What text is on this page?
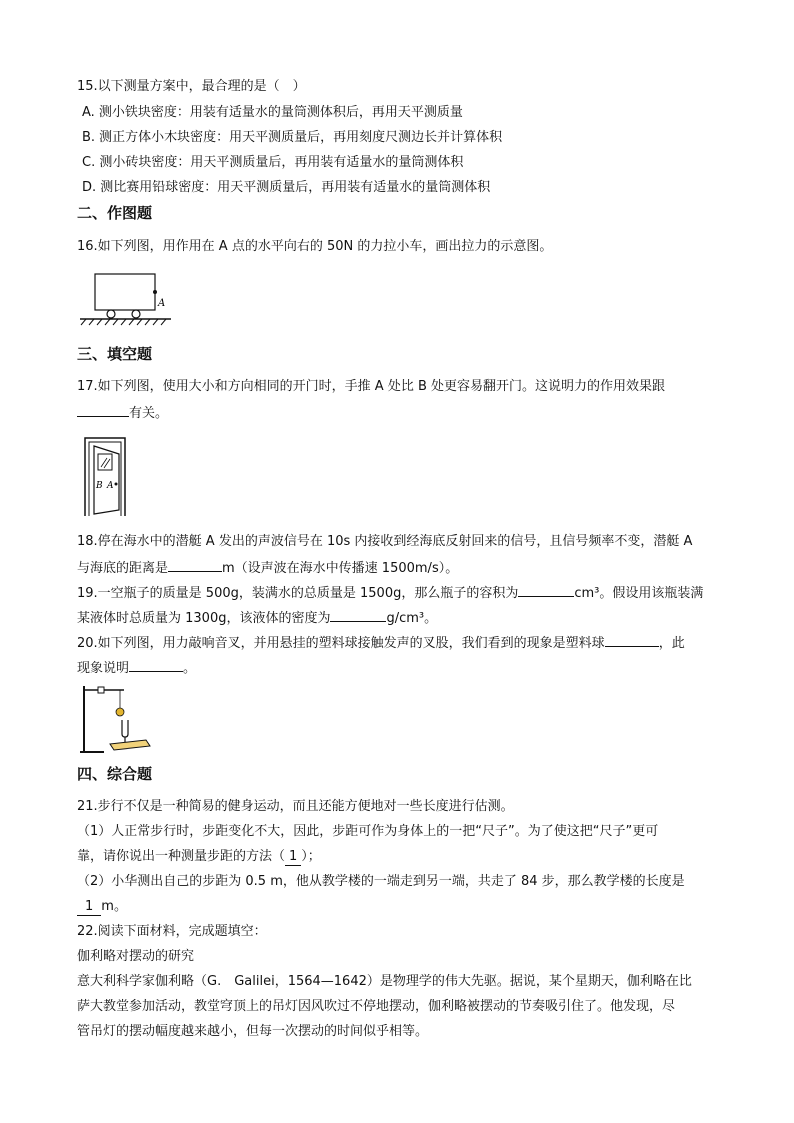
15.以下测量方案中，最合理的是（　）
A. 测小铁块密度：用装有适量水的量筒测体积后，再用天平测质量
B. 测正方体小木块密度：用天平测质量后，再用刻度尺测边长并计算体积
C. 测小砖块密度：用天平测质量后，再用装有适量水的量筒测体积
D. 测比赛用铅球密度：用天平测质量后，再用装有适量水的量筒测体积
二、作图题
16.如下列图，用作用在 A 点的水平向右的 50N 的力拉小车，画出拉力的示意图。
A
三、填空题
17.如下列图，使用大小和方向相同的开门时，手推 A 处比 B 处更容易翻开门。这说明力的作用效果跟
有关。
B A
18.停在海水中的潜艇 A 发出的声波信号在 10s 内接收到经海底反射回来的信号，且信号频率不变，潜艇 A
与海底的距离是	m（设声波在海水中传播速 1500m/s）。
19.一空瓶子的质量是 500g，装满水的总质量是 1500g，那么瓶子的容积为	cm³。假设用该瓶装满
某液体时总质量为 1300g，该液体的密度为	g/cm³。
20.如下列图，用力敲响音叉，并用悬挂的塑料球接触发声的叉股，我们看到的现象是塑料球	，此
现象说明	。
四、综合题
21.步行不仅是一种简易的健身运动，而且还能方便地对一些长度进行估测。
（1）人正常步行时，步距变化不大，因此，步距可作为身体上的一把“尺子”。为了使这把“尺子”更可
靠，请你说出一种测量步距的方法（ 1 ）；
（2）小华测出自己的步距为 0.5 m，他从教学楼的一端走到另一端，共走了 84 步，那么教学楼的长度是
1 m。
22.阅读下面材料，完成题填空：
伽利略对摆动的研究
意大利科学家伽利略（G.　Galilei，1564—1642）是物理学的伟大先驱。据说，某个星期天，伽利略在比
萨大教堂参加活动，教堂穹顶上的吊灯因风吹过不停地摆动，伽利略被摆动的节奏吸引住了。他发现，尽
管吊灯的摆动幅度越来越小，但每一次摆动的时间似乎相等。
